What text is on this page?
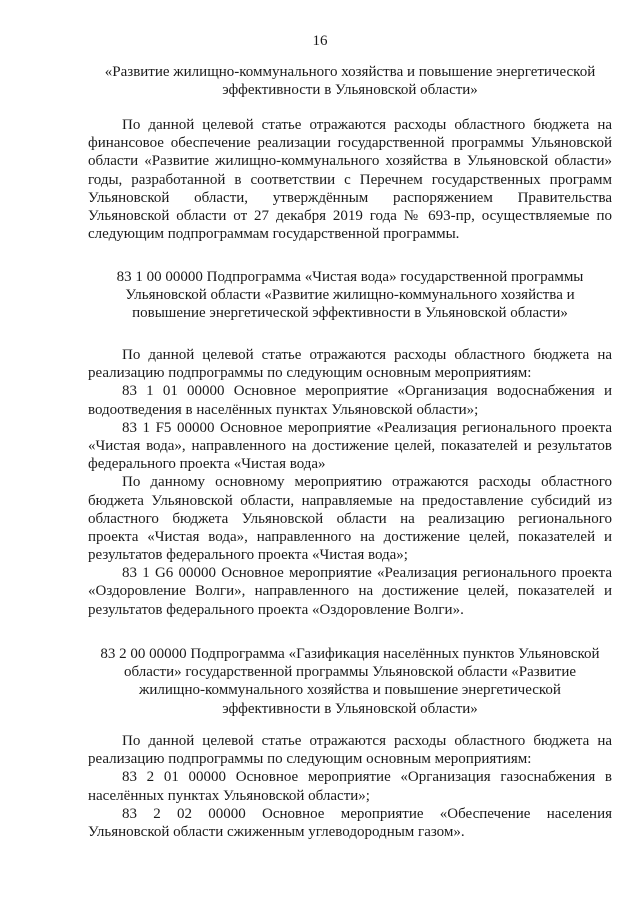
16
«Развитие жилищно-коммунального хозяйства и повышение энергетической
эффективности в Ульяновской области»
По данной целевой статье отражаются расходы областного бюджета на
финансовое обеспечение реализации государственной программы Ульяновской
области «Развитие жилищно-коммунального хозяйства в Ульяновской области»
годы, разработанной в соответствии с Перечнем государственных программ
Ульяновской области, утверждённым распоряжением Правительства
Ульяновской области от 27 декабря 2019 года № 693-пр, осуществляемые по
следующим подпрограммам государственной программы.
83 1 00 00000 Подпрограмма «Чистая вода» государственной программы
Ульяновской области «Развитие жилищно-коммунального хозяйства и
повышение энергетической эффективности в Ульяновской области»
По данной целевой статье отражаются расходы областного бюджета на
реализацию подпрограммы по следующим основным мероприятиям:
83 1 01 00000 Основное мероприятие «Организация водоснабжения и
водоотведения в населённых пунктах Ульяновской области»;
83 1 F5 00000 Основное мероприятие «Реализация регионального проекта
«Чистая вода», направленного на достижение целей, показателей и результатов
федерального проекта «Чистая вода»
По данному основному мероприятию отражаются расходы областного
бюджета Ульяновской области, направляемые на предоставление субсидий из
областного бюджета Ульяновской области на реализацию регионального
проекта «Чистая вода», направленного на достижение целей, показателей и
результатов федерального проекта «Чистая вода»;
83 1 G6 00000 Основное мероприятие «Реализация регионального проекта
«Оздоровление Волги», направленного на достижение целей, показателей и
результатов федерального проекта «Оздоровление Волги».
83 2 00 00000 Подпрограмма «Газификация населённых пунктов Ульяновской
области» государственной программы Ульяновской области «Развитие
жилищно-коммунального хозяйства и повышение энергетической
эффективности в Ульяновской области»
По данной целевой статье отражаются расходы областного бюджета на
реализацию подпрограммы по следующим основным мероприятиям:
83 2 01 00000 Основное мероприятие «Организация газоснабжения в
населённых пунктах Ульяновской области»;
83 2 02 00000 Основное мероприятие «Обеспечение населения
Ульяновской области сжиженным углеводородным газом».
